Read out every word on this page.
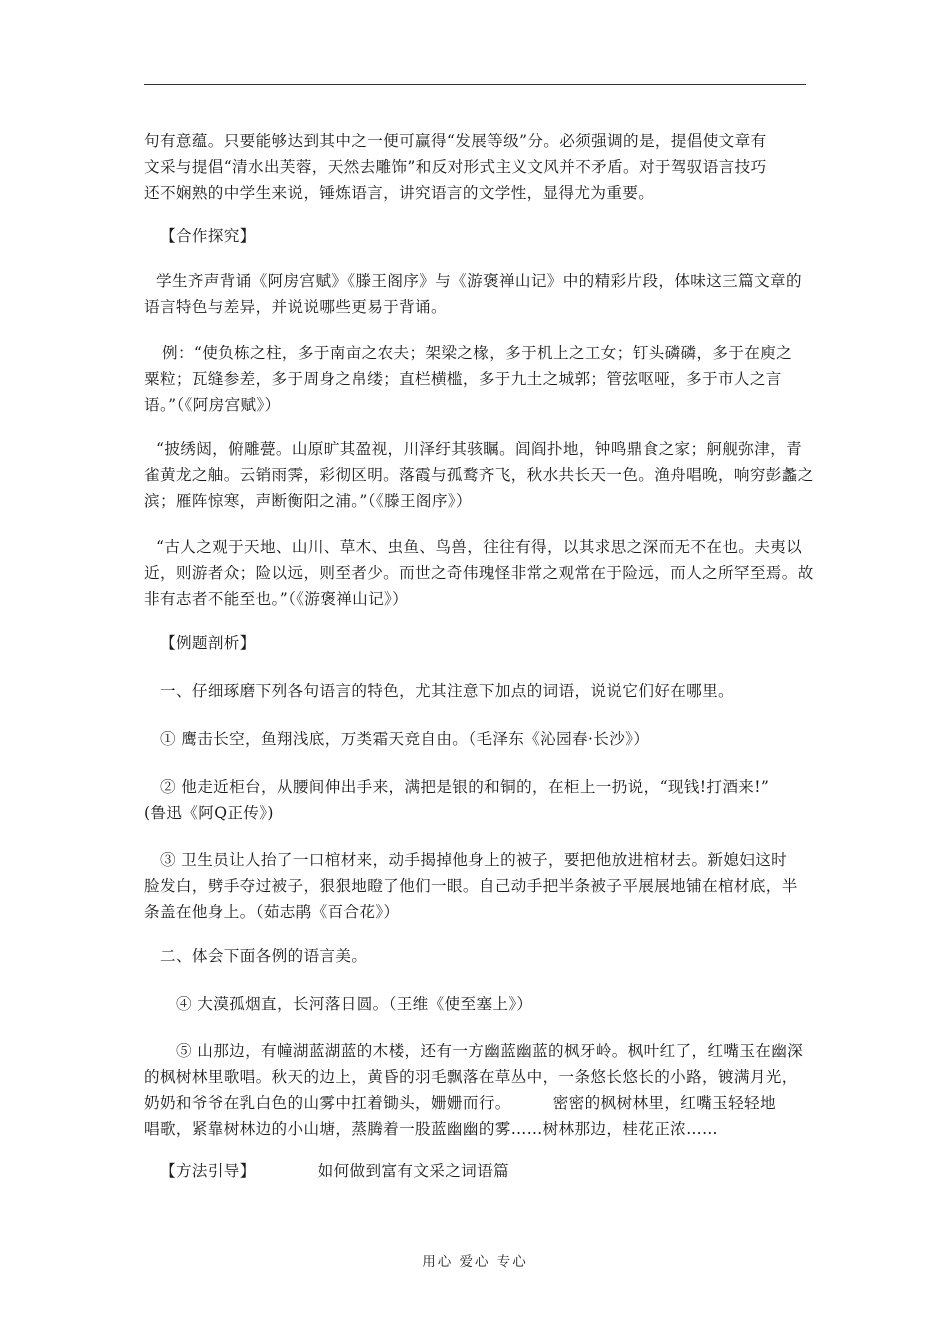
句有意蕴。只要能够达到其中之一便可赢得“发展等级”分。必须强调的是，提倡使文章有
文采与提倡“清水出芙蓉，天然去雕饰”和反对形式主义文风并不矛盾。对于驾驭语言技巧
还不娴熟的中学生来说，锤炼语言，讲究语言的文学性，显得尤为重要。
【合作探究】
学生齐声背诵《阿房宫赋》《滕王阁序》与《游褒禅山记》中的精彩片段，体味这三篇文章的
语言特色与差异，并说说哪些更易于背诵。
例：“使负栋之柱，多于南亩之农夫；架梁之椽，多于机上之工女；钉头磷磷，多于在庾之
粟粒；瓦缝参差，多于周身之帛缕；直栏横槛，多于九土之城郭；管弦呕哑，多于市人之言
语。”（《阿房宫赋》）
“披绣闼，俯雕甍。山原旷其盈视，川泽纡其骇瞩。闾阎扑地，钟鸣鼎食之家；舸舰弥津，青
雀黄龙之舳。云销雨霁，彩彻区明。落霞与孤鹜齐飞，秋水共长天一色。渔舟唱晚，响穷彭蠡之
滨；雁阵惊寒，声断衡阳之浦。”（《滕王阁序》）
“古人之观于天地、山川、草木、虫鱼、鸟兽，往往有得，以其求思之深而无不在也。夫夷以
近，则游者众；险以远，则至者少。而世之奇伟瑰怪非常之观常在于险远，而人之所罕至焉。故
非有志者不能至也。”（《游褒禅山记》）
【例题剖析】
一、仔细琢磨下列各句语言的特色，尤其注意下加点的词语，说说它们好在哪里。
① 鹰击长空，鱼翔浅底，万类霜天竞自由。（毛泽东《沁园春·长沙》）
② 他走近柜台，从腰间伸出手来，满把是银的和铜的，在柜上一扔说，“现钱!打酒来!”
(鲁迅《阿Q正传》)
③ 卫生员让人抬了一口棺材来，动手揭掉他身上的被子，要把他放进棺材去。新媳妇这时
脸发白，劈手夺过被子，狠狠地瞪了他们一眼。自己动手把半条被子平展展地铺在棺材底，半
条盖在他身上。（茹志鹃《百合花》）
二、体会下面各例的语言美。
④ 大漠孤烟直，长河落日圆。（王维《使至塞上》）
⑤ 山那边，有幢湖蓝湖蓝的木楼，还有一方幽蓝幽蓝的枫牙岭。枫叶红了，红嘴玉在幽深
的枫树林里歌唱。秋天的边上，黄昏的羽毛飘落在草丛中，一条悠长悠长的小路，镀满月光，
奶奶和爷爷在乳白色的山雾中扛着锄头，姗姗而行。	密密的枫树林里，红嘴玉轻轻地
唱歌，紧靠树林边的小山塘，蒸腾着一股蓝幽幽的雾……树林那边，桂花正浓……
【方法引导】	如何做到富有文采之词语篇
用心 爱心 专心
